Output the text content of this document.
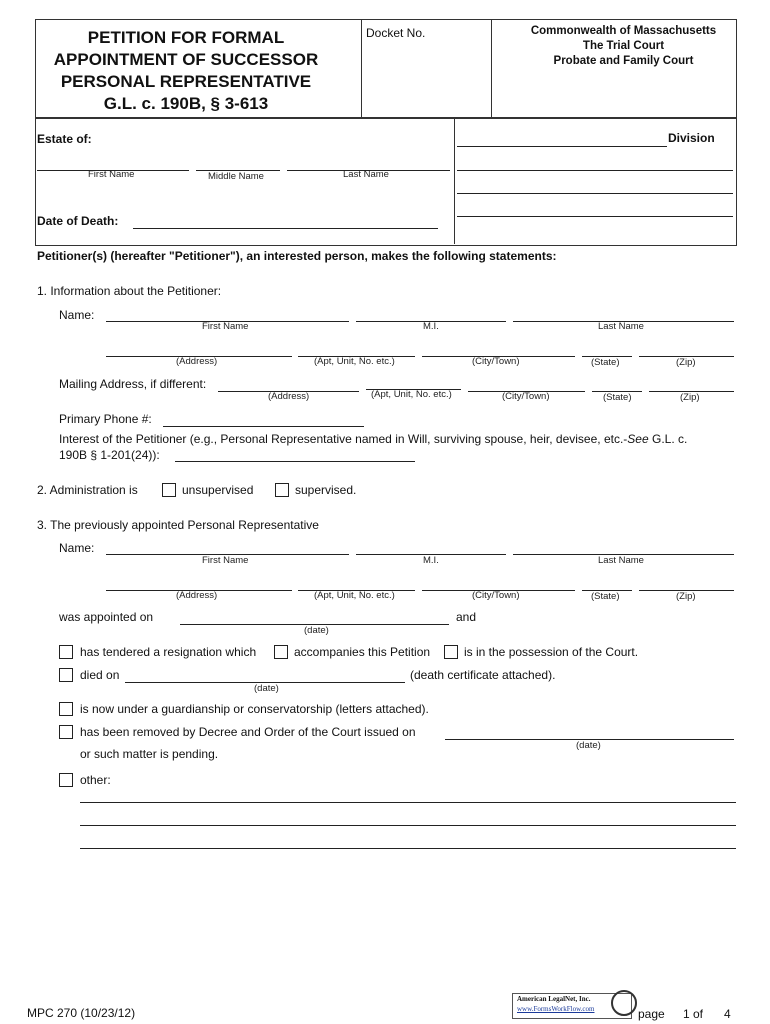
PETITION FOR FORMAL
APPOINTMENT OF SUCCESSOR
PERSONAL REPRESENTATIVE
G.L. c. 190B, § 3-613
Docket No.	Commonwealth of Massachusetts
The Trial Court
Probate and Family Court
Estate of:
First Name	Middle Name	Last Name
Date of Death:
Division
Petitioner(s) (hereafter "Petitioner"), an interested person, makes the following statements:
1. Information about the Petitioner:
Name:
First Name	M.I.	Last Name
(Address)	(Apt, Unit, No. etc.)	(City/Town)	(State)	(Zip)
Mailing Address, if different:
(Address)	(Apt, Unit, No. etc.)	(City/Town)	(State)	(Zip)
Primary Phone #:
Interest of the Petitioner (e.g., Personal Representative named in Will, surviving spouse, heir, devisee, etc.-See G.L. c.
190B § 1-201(24)):
2. Administration is	unsupervised	supervised.
3. The previously appointed Personal Representative
Name:
First Name	M.I.	Last Name
(Address)	(Apt, Unit, No. etc.)	(City/Town)	(State)	(Zip)
was appointed on
(date)
and
has tendered a resignation which	accompanies this Petition	is in the possession of the Court.
died on
(date)
(death certificate attached).
is now under a guardianship or conservatorship (letters attached).
has been removed by Decree and Order of the Court issued on
(date)
or such matter is pending.
other:
MPC 270 (10/23/12)
American LegalNet, Inc.
www.FormsWorkFlow.com	page 1 of 4
